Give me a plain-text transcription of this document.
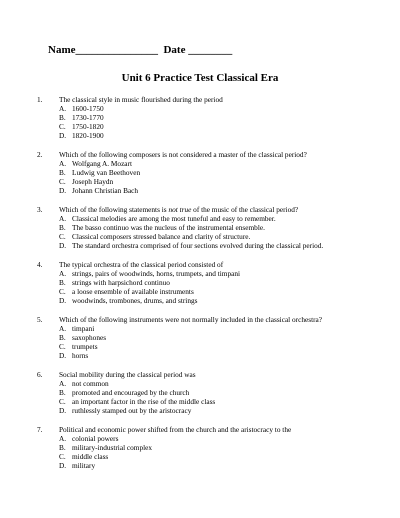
Name_______________  Date ________
Unit 6 Practice Test Classical Era
1.	The classical style in music flourished during the period
A. 1600-1750
B. 1730-1770
C. 1750-1820
D. 1820-1900
2.	Which of the following composers is not considered a master of the classical period?
A. Wolfgang A. Mozart
B. Ludwig van Beethoven
C. Joseph Haydn
D. Johann Christian Bach
3.	Which of the following statements is not true of the music of the classical period?
A. Classical melodies are among the most tuneful and easy to remember.
B. The basso continuo was the nucleus of the instrumental ensemble.
C. Classical composers stressed balance and clarity of structure.
D. The standard orchestra comprised of four sections evolved during the classical period.
4.	The typical orchestra of the classical period consisted of
A. strings, pairs of woodwinds, horns, trumpets, and timpani
B. strings with harpsichord continuo
C. a loose ensemble of available instruments
D. woodwinds, trombones, drums, and strings
5.	Which of the following instruments were not normally included in the classical orchestra?
A. timpani
B. saxophones
C. trumpets
D. horns
6.	Social mobility during the classical period was
A. not common
B. promoted and encouraged by the church
C. an important factor in the rise of the middle class
D. ruthlessly stamped out by the aristocracy
7.	Political and economic power shifted from the church and the aristocracy to the
A. colonial powers
B. military-industrial complex
C. middle class
D. military
